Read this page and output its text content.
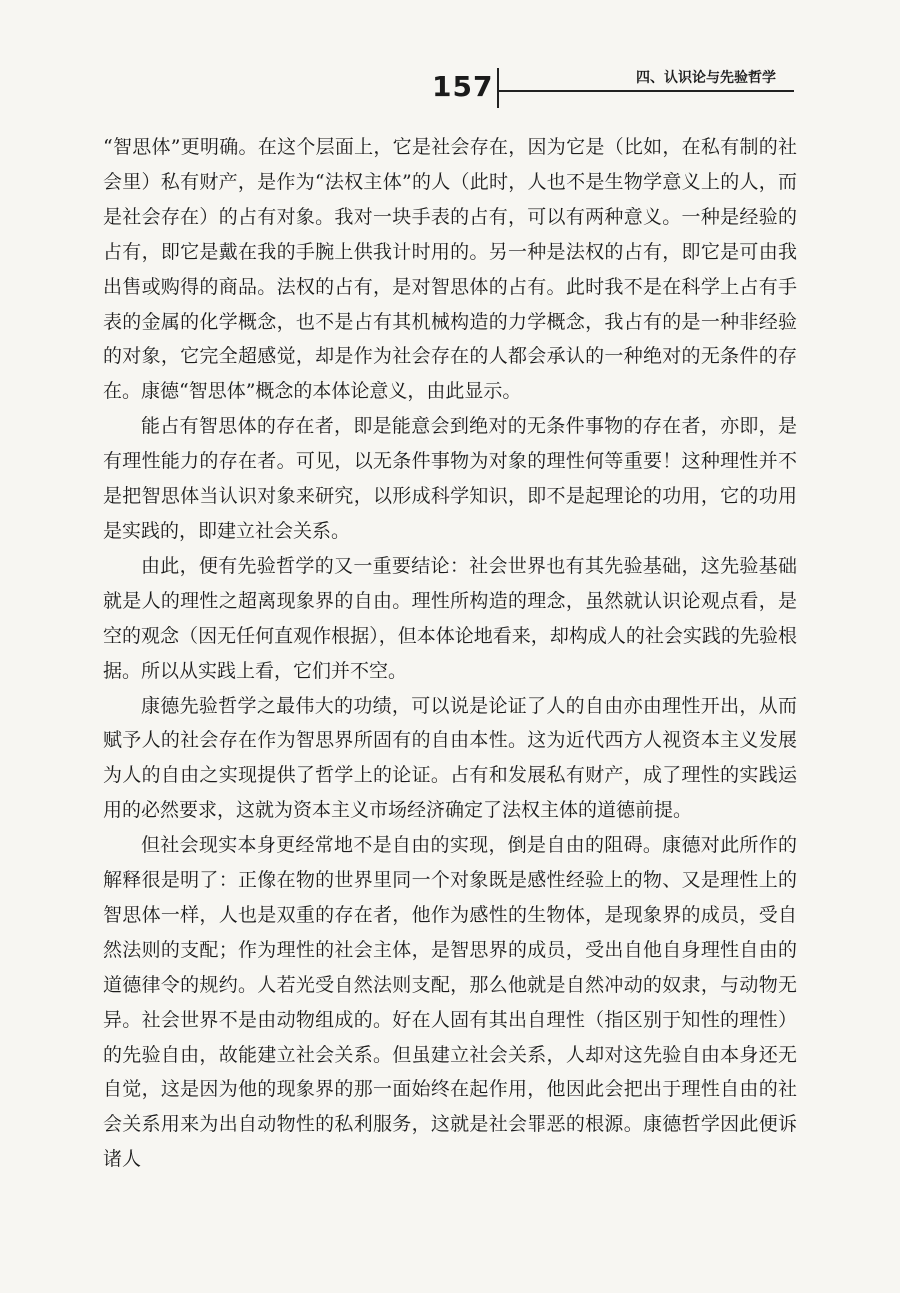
157	四、认识论与先验哲学

“智思体”更明确。在这个层面上，它是社会存在，因为它是（比如，在私有制的社会里）私有财产，是作为“法权主体”的人（此时，人也不是生物学意义上的人，而是社会存在）的占有对象。我对一块手表的占有，可以有两种意义。一种是经验的占有，即它是戴在我的手腕上供我计时用的。另一种是法权的占有，即它是可由我出售或购得的商品。法权的占有，是对智思体的占有。此时我不是在科学上占有手表的金属的化学概念，也不是占有其机械构造的力学概念，我占有的是一种非经验的对象，它完全超感觉，却是作为社会存在的人都会承认的一种绝对的无条件的存在。康德“智思体”概念的本体论意义，由此显示。

能占有智思体的存在者，即是能意会到绝对的无条件事物的存在者，亦即，是有理性能力的存在者。可见，以无条件事物为对象的理性何等重要！这种理性并不是把智思体当认识对象来研究，以形成科学知识，即不是起理论的功用，它的功用是实践的，即建立社会关系。

由此，便有先验哲学的又一重要结论：社会世界也有其先验基础，这先验基础就是人的理性之超离现象界的自由。理性所构造的理念，虽然就认识论观点看，是空的观念（因无任何直观作根据），但本体论地看来，却构成人的社会实践的先验根据。所以从实践上看，它们并不空。

康德先验哲学之最伟大的功绩，可以说是论证了人的自由亦由理性开出，从而赋予人的社会存在作为智思界所固有的自由本性。这为近代西方人视资本主义发展为人的自由之实现提供了哲学上的论证。占有和发展私有财产，成了理性的实践运用的必然要求，这就为资本主义市场经济确定了法权主体的道德前提。

但社会现实本身更经常地不是自由的实现，倒是自由的阻碍。康德对此所作的解释很是明了：正像在物的世界里同一个对象既是感性经验上的物、又是理性上的智思体一样，人也是双重的存在者，他作为感性的生物体，是现象界的成员，受自然法则的支配；作为理性的社会主体，是智思界的成员，受出自他自身理性自由的道德律令的规约。人若光受自然法则支配，那么他就是自然冲动的奴隶，与动物无异。社会世界不是由动物组成的。好在人固有其出自理性（指区别于知性的理性）的先验自由，故能建立社会关系。但虽建立社会关系，人却对这先验自由本身还无自觉，这是因为他的现象界的那一面始终在起作用，他因此会把出于理性自由的社会关系用来为出自动物性的私利服务，这就是社会罪恶的根源。康德哲学因此便诉诸人
